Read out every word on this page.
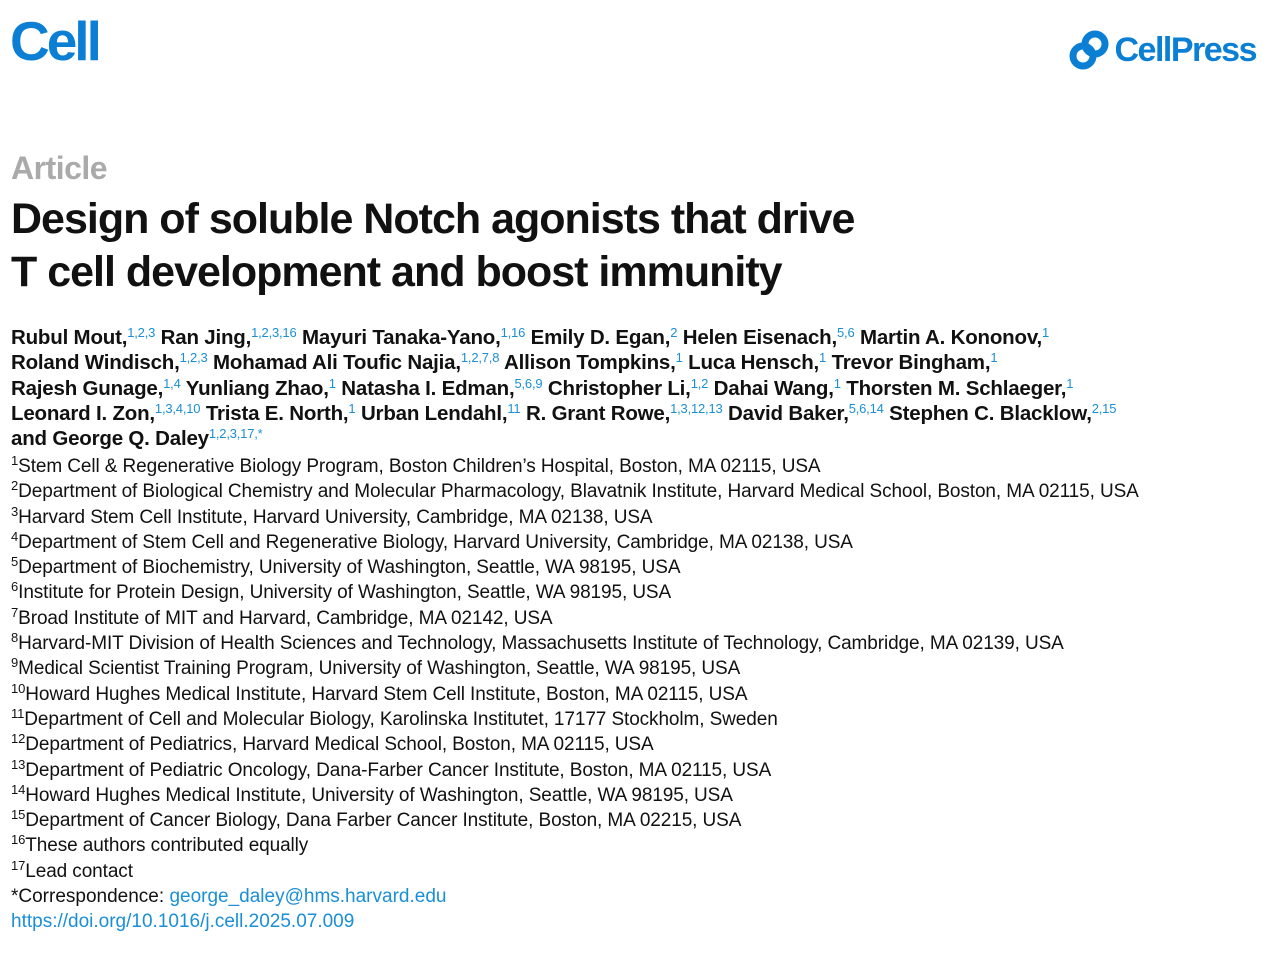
Cell	CellPress
Article
Design of soluble Notch agonists that drive
T cell development and boost immunity

Rubul Mout,$^{1,2,3}$ Ran Jing,$^{1,2,3,16}$ Mayuri Tanaka-Yano,$^{1,16}$ Emily D. Egan,$^2$ Helen Eisenach,$^{5,6}$ Martin A. Kononov,$^1$
Roland Windisch,$^{1,2,3}$ Mohamad Ali Toufic Najia,$^{1,2,7,8}$ Allison Tompkins,$^1$ Luca Hensch,$^1$ Trevor Bingham,$^1$
Rajesh Gunage,$^{1,4}$ Yunliang Zhao,$^1$ Natasha I. Edman,$^{5,6,9}$ Christopher Li,$^{1,2}$ Dahai Wang,$^1$ Thorsten M. Schlaeger,$^1$
Leonard I. Zon,$^{1,3,4,10}$ Trista E. North,$^1$ Urban Lendahl,$^{11}$ R. Grant Rowe,$^{1,3,12,13}$ David Baker,$^{5,6,14}$ Stephen C. Blacklow,$^{2,15}$
and George Q. Daley$^{1,2,3,17,*}$

$^1$Stem Cell & Regenerative Biology Program, Boston Children’s Hospital, Boston, MA 02115, USA
$^2$Department of Biological Chemistry and Molecular Pharmacology, Blavatnik Institute, Harvard Medical School, Boston, MA 02115, USA
$^3$Harvard Stem Cell Institute, Harvard University, Cambridge, MA 02138, USA
$^4$Department of Stem Cell and Regenerative Biology, Harvard University, Cambridge, MA 02138, USA
$^5$Department of Biochemistry, University of Washington, Seattle, WA 98195, USA
$^6$Institute for Protein Design, University of Washington, Seattle, WA 98195, USA
$^7$Broad Institute of MIT and Harvard, Cambridge, MA 02142, USA
$^8$Harvard-MIT Division of Health Sciences and Technology, Massachusetts Institute of Technology, Cambridge, MA 02139, USA
$^9$Medical Scientist Training Program, University of Washington, Seattle, WA 98195, USA
$^{10}$Howard Hughes Medical Institute, Harvard Stem Cell Institute, Boston, MA 02115, USA
$^{11}$Department of Cell and Molecular Biology, Karolinska Institutet, 17177 Stockholm, Sweden
$^{12}$Department of Pediatrics, Harvard Medical School, Boston, MA 02115, USA
$^{13}$Department of Pediatric Oncology, Dana-Farber Cancer Institute, Boston, MA 02115, USA
$^{14}$Howard Hughes Medical Institute, University of Washington, Seattle, WA 98195, USA
$^{15}$Department of Cancer Biology, Dana Farber Cancer Institute, Boston, MA 02215, USA
$^{16}$These authors contributed equally
$^{17}$Lead contact
*Correspondence: george_daley@hms.harvard.edu
https://doi.org/10.1016/j.cell.2025.07.009
